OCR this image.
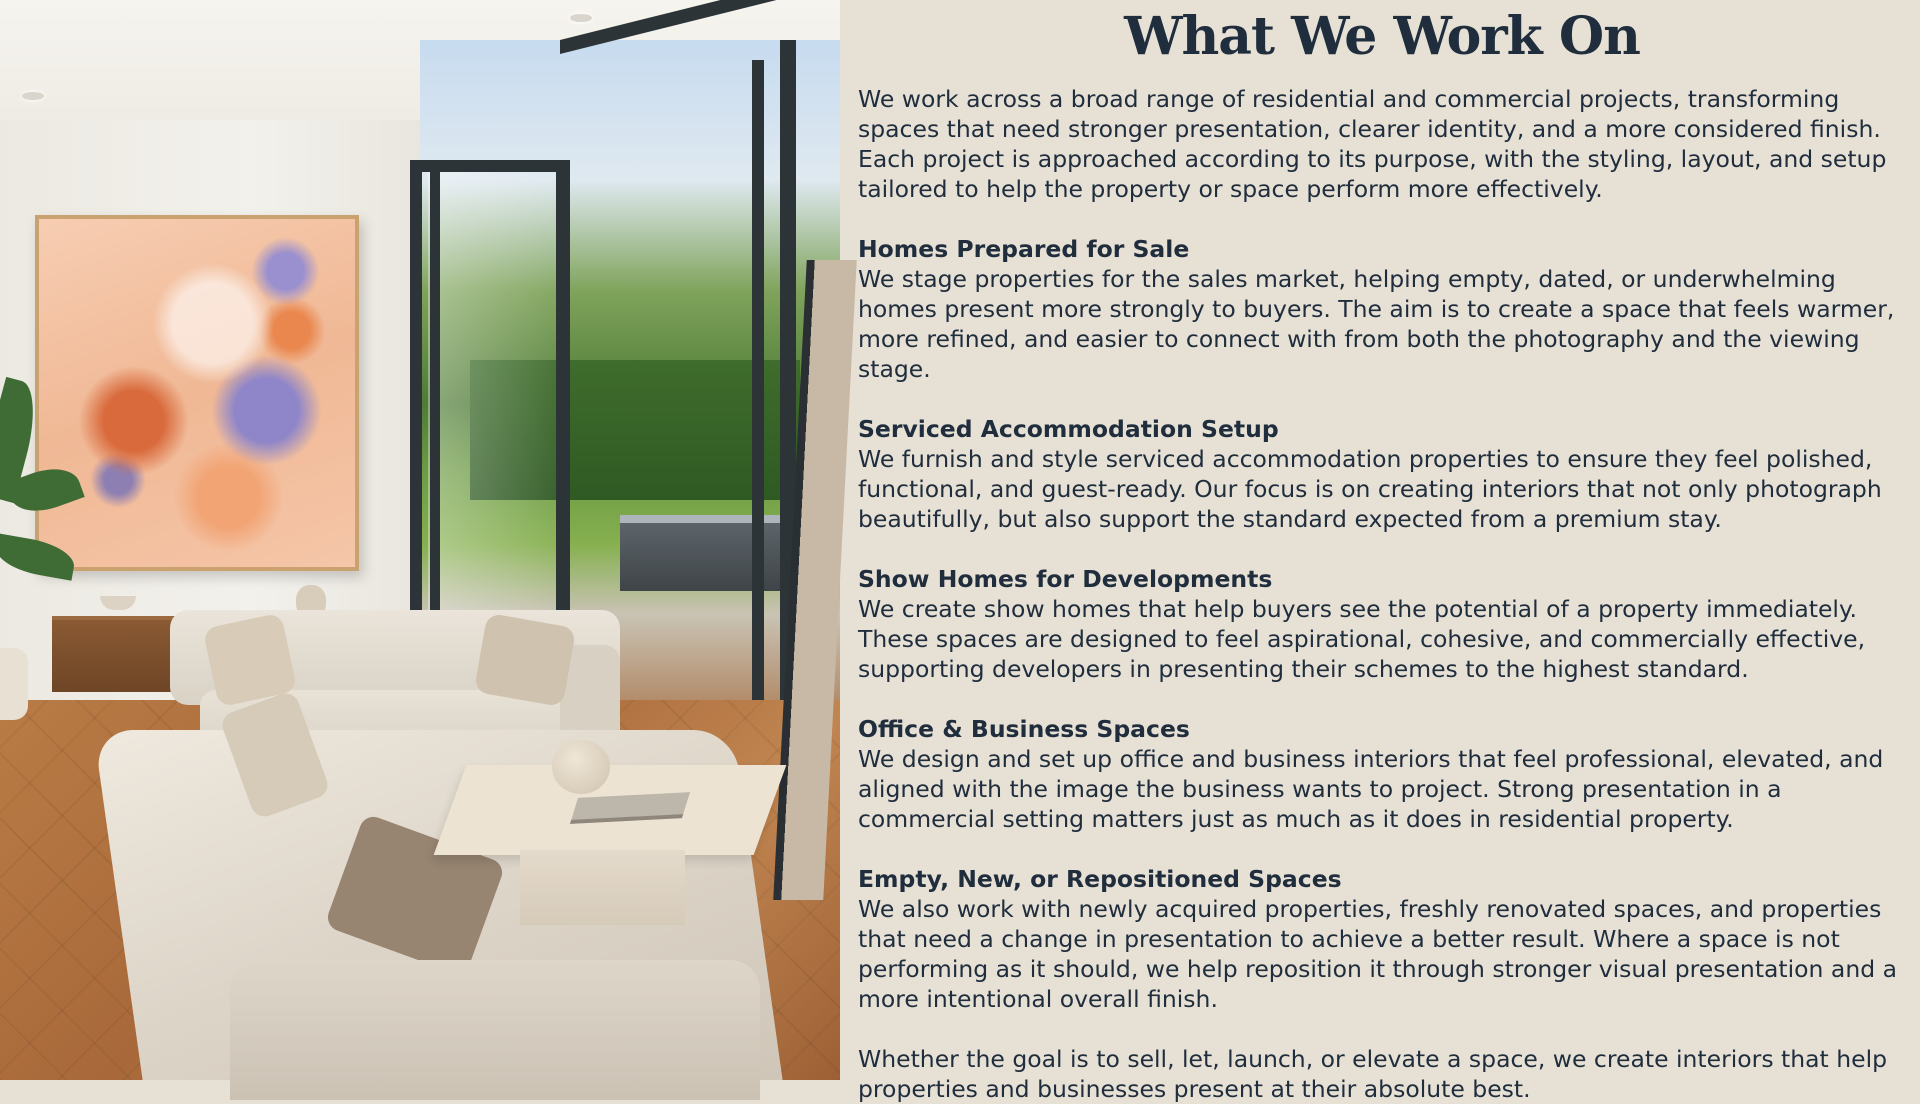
What We Work On

We work across a broad range of residential and commercial projects, transforming spaces that need stronger presentation, clearer identity, and a more considered finish. Each project is approached according to its purpose, with the styling, layout, and setup tailored to help the property or space perform more effectively.

Homes Prepared for Sale

We stage properties for the sales market, helping empty, dated, or underwhelming homes present more strongly to buyers. The aim is to create a space that feels warmer, more refined, and easier to connect with from both the photography and the viewing stage.

Serviced Accommodation Setup

We furnish and style serviced accommodation properties to ensure they feel polished, functional, and guest-ready. Our focus is on creating interiors that not only photograph beautifully, but also support the standard expected from a premium stay.

Show Homes for Developments

We create show homes that help buyers see the potential of a property immediately. These spaces are designed to feel aspirational, cohesive, and commercially effective, supporting developers in presenting their schemes to the highest standard.

Office & Business Spaces

We design and set up office and business interiors that feel professional, elevated, and aligned with the image the business wants to project. Strong presentation in a commercial setting matters just as much as it does in residential property.

Empty, New, or Repositioned Spaces

We also work with newly acquired properties, freshly renovated spaces, and properties that need a change in presentation to achieve a better result. Where a space is not performing as it should, we help reposition it through stronger visual presentation and a more intentional overall finish.

Whether the goal is to sell, let, launch, or elevate a space, we create interiors that help properties and businesses present at their absolute best.
